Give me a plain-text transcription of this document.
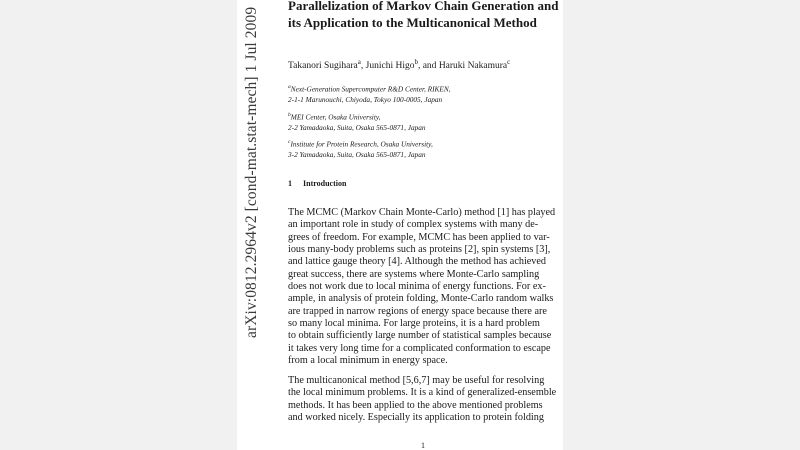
arXiv:0812.2964v2 [cond-mat.stat-mech] 1 Jul 2009
Parallelization of Markov Chain Generation and
its Application to the Multicanonical Method
Takanori Sugihara$^a$, Junichi Higo$^b$, and Haruki Nakamura$^c$
$^a$Next-Generation Supercomputer R&D Center, RIKEN,
2-1-1 Marunouchi, Chiyoda, Tokyo 100-0005, Japan
$^b$MEI Center, Osaka University,
2-2 Yamadaoka, Suita, Osaka 565-0871, Japan
$^c$Institute for Protein Research, Osaka University,
3-2 Yamadaoka, Suita, Osaka 565-0871, Japan
1 Introduction
The MCMC (Markov Chain Monte-Carlo) method [1] has played
an important role in study of complex systems with many de-
grees of freedom. For example, MCMC has been applied to var-
ious many-body problems such as proteins [2], spin systems [3],
and lattice gauge theory [4]. Although the method has achieved
great success, there are systems where Monte-Carlo sampling
does not work due to local minima of energy functions. For ex-
ample, in analysis of protein folding, Monte-Carlo random walks
are trapped in narrow regions of energy space because there are
so many local minima. For large proteins, it is a hard problem
to obtain sufficiently large number of statistical samples because
it takes very long time for a complicated conformation to escape
from a local minimum in energy space.
The multicanonical method [5,6,7] may be useful for resolving
the local minimum problems. It is a kind of generalized-ensemble
methods. It has been applied to the above mentioned problems
and worked nicely. Especially its application to protein folding
1
